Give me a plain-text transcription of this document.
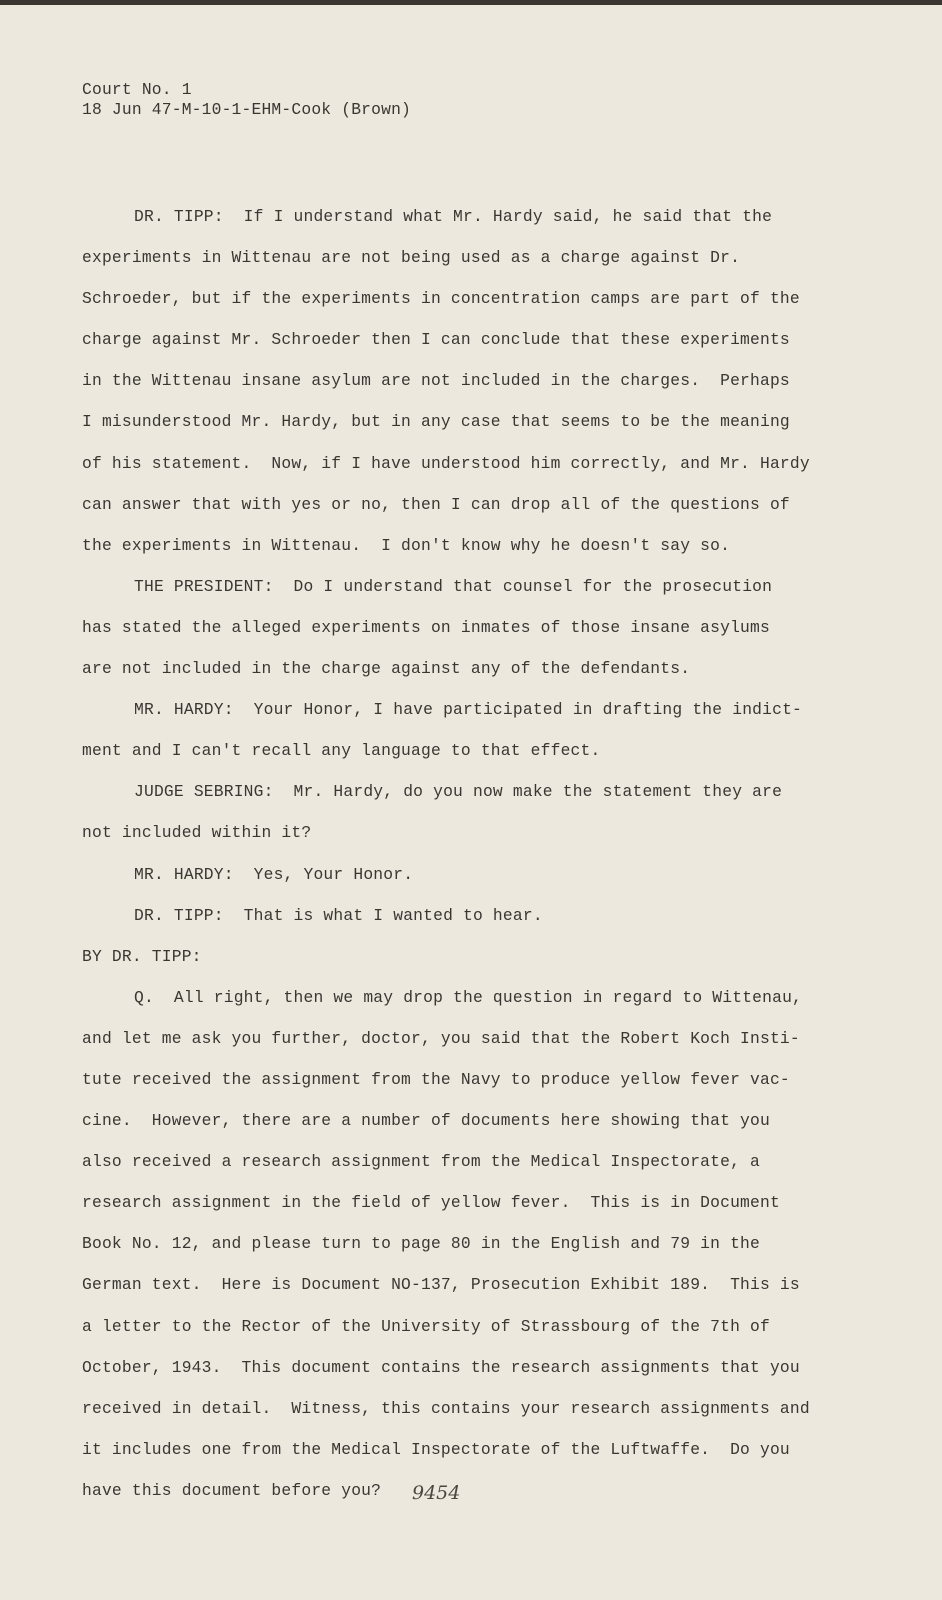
Court No. 1
18 Jun 47-M-10-1-EHM-Cook (Brown)
DR. TIPP:  If I understand what Mr. Hardy said, he said that the
experiments in Wittenau are not being used as a charge against Dr.
Schroeder, but if the experiments in concentration camps are part of the
charge against Mr. Schroeder then I can conclude that these experiments
in the Wittenau insane asylum are not included in the charges.  Perhaps
I misunderstood Mr. Hardy, but in any case that seems to be the meaning
of his statement.  Now, if I have understood him correctly, and Mr. Hardy
can answer that with yes or no, then I can drop all of the questions of
the experiments in Wittenau.  I don't know why he doesn't say so.
THE PRESIDENT:  Do I understand that counsel for the prosecution
has stated the alleged experiments on inmates of those insane asylums
are not included in the charge against any of the defendants.
MR. HARDY:  Your Honor, I have participated in drafting the indict-
ment and I can't recall any language to that effect.
JUDGE SEBRING:  Mr. Hardy, do you now make the statement they are
not included within it?
MR. HARDY:  Yes, Your Honor.
DR. TIPP:  That is what I wanted to hear.
BY DR. TIPP:
Q.  All right, then we may drop the question in regard to Wittenau,
and let me ask you further, doctor, you said that the Robert Koch Insti-
tute received the assignment from the Navy to produce yellow fever vac-
cine.  However, there are a number of documents here showing that you
also received a research assignment from the Medical Inspectorate, a
research assignment in the field of yellow fever.  This is in Document
Book No. 12, and please turn to page 80 in the English and 79 in the
German text.  Here is Document NO-137, Prosecution Exhibit 189.  This is
a letter to the Rector of the University of Strassbourg of the 7th of
October, 1943.  This document contains the research assignments that you
received in detail.  Witness, this contains your research assignments and
it includes one from the Medical Inspectorate of the Luftwaffe.  Do you
have this document before you?	9454
